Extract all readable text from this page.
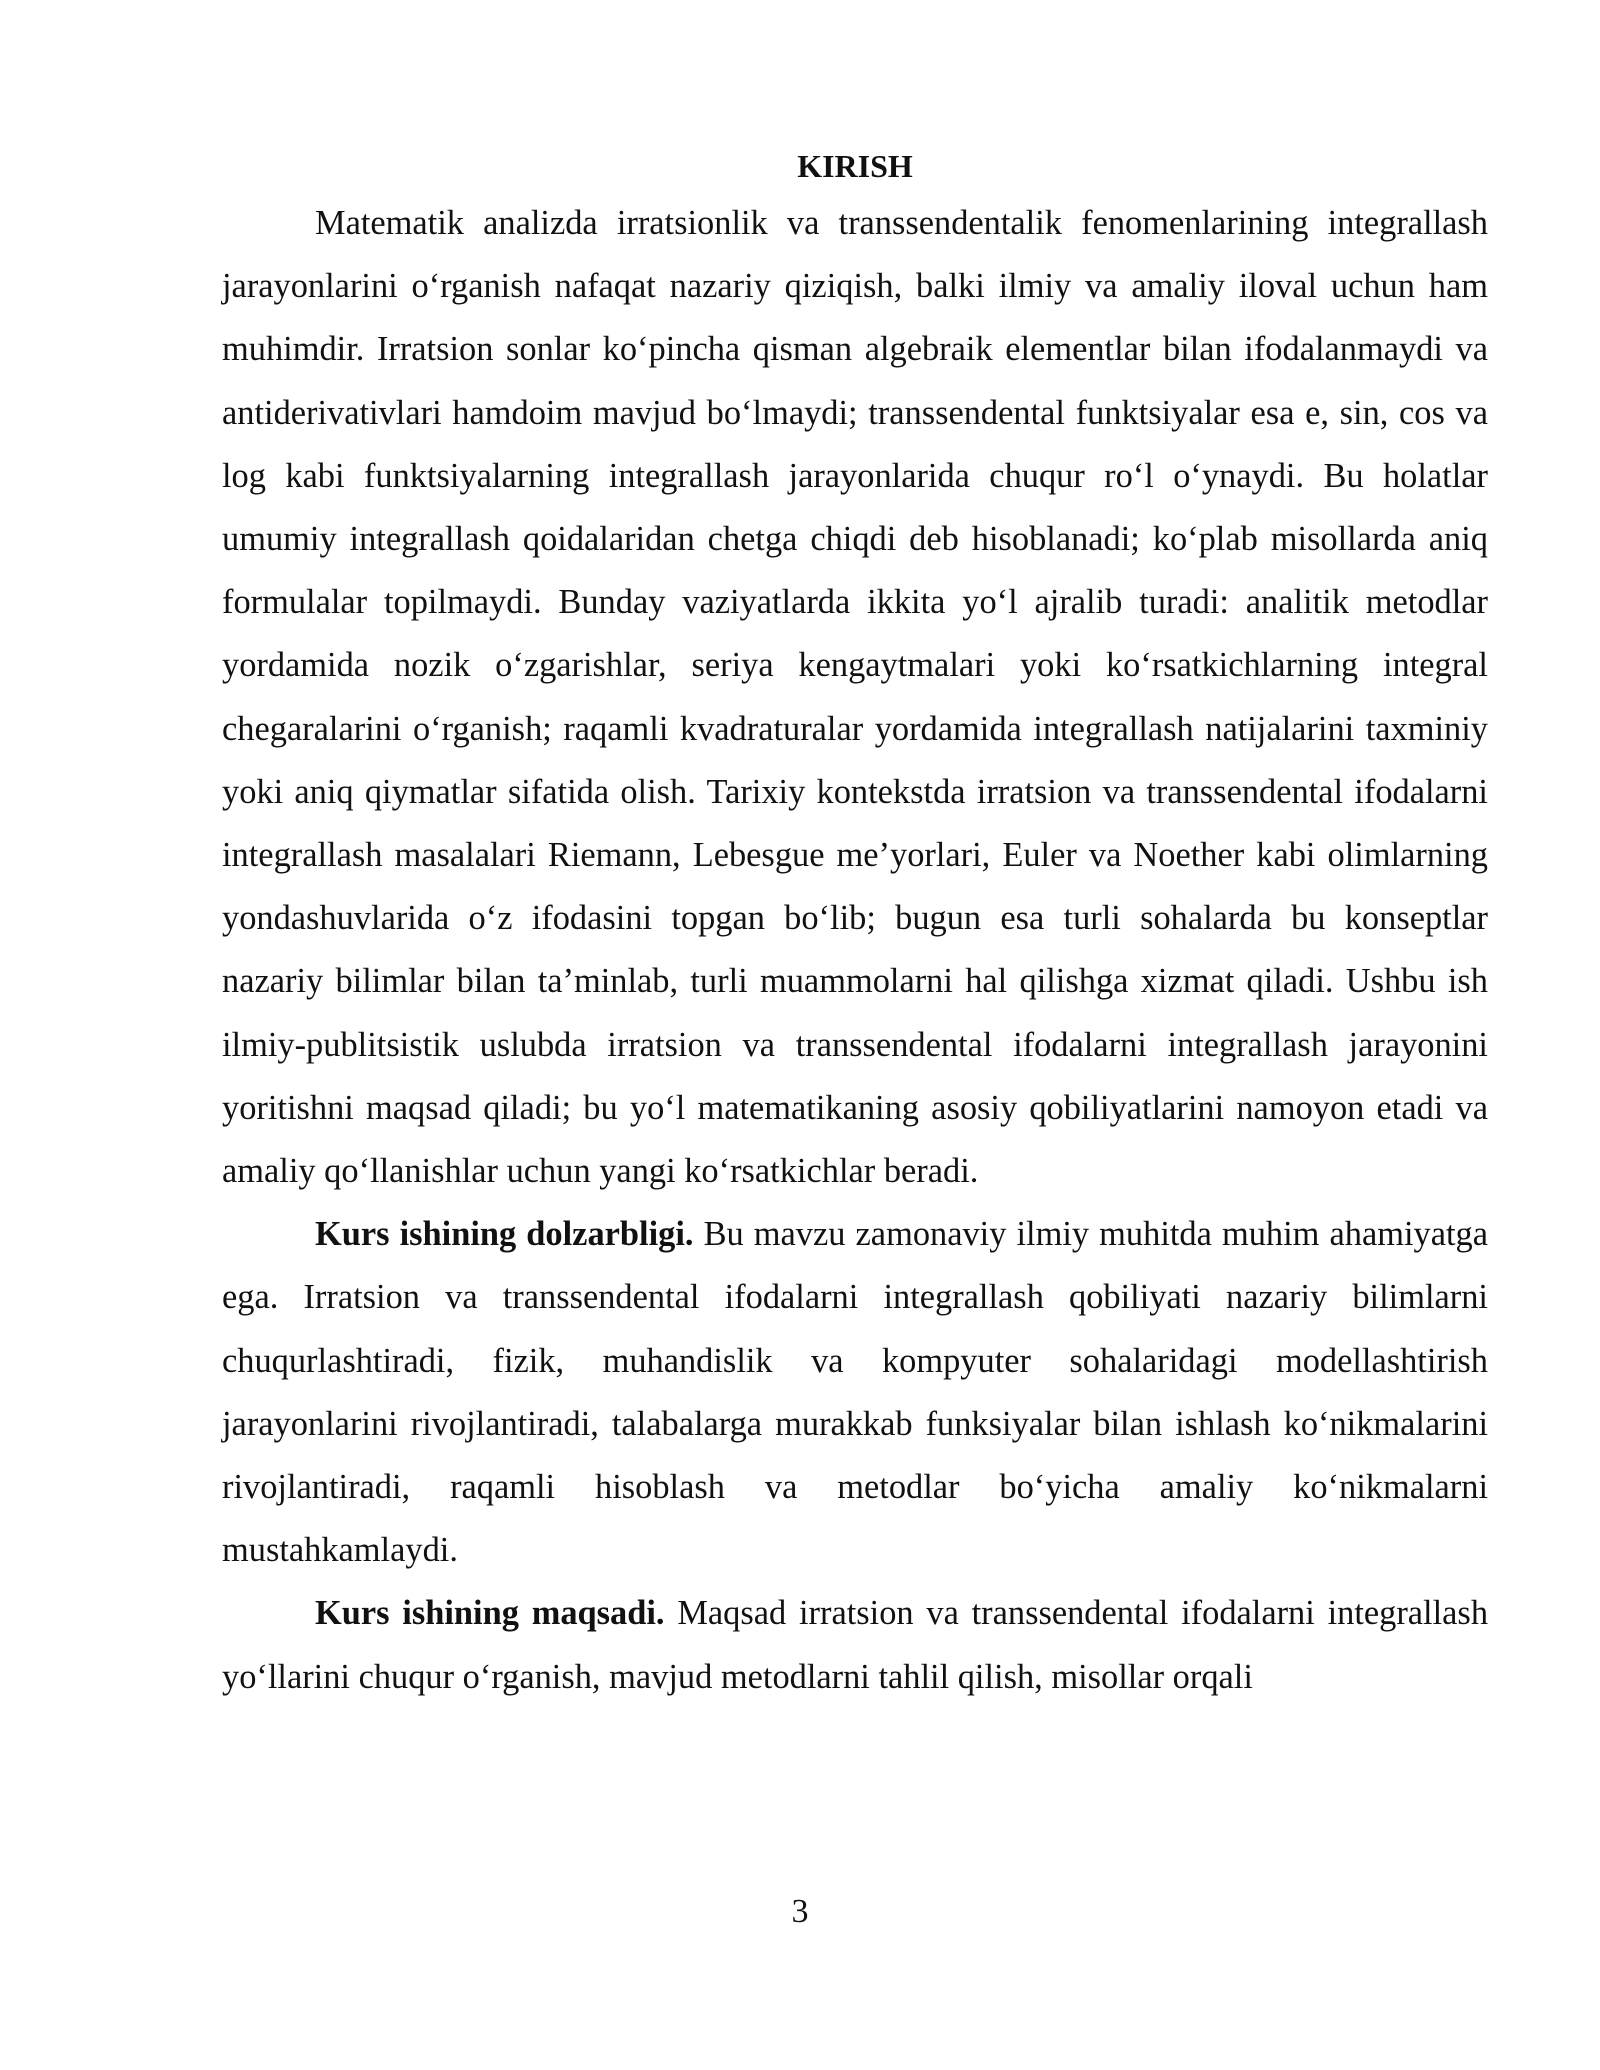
KIRISH

Matematik analizda irratsionlik va transsendentalik fenomenlarining integrallash jarayonlarini o‘rganish nafaqat nazariy qiziqish, balki ilmiy va amaliy iloval uchun ham muhimdir. Irratsion sonlar ko‘pincha qisman algebraik elementlar bilan ifodalanmaydi va antiderivativlari hamdoim mavjud bo‘lmaydi; transsendental funktsiyalar esa e, sin, cos va log kabi funktsiyalarning integrallash jarayonlarida chuqur ro‘l o‘ynaydi. Bu holatlar umumiy integrallash qoidalaridan chetga chiqdi deb hisoblanadi; ko‘plab misollarda aniq formulalar topilmaydi. Bunday vaziyatlarda ikkita yo‘l ajralib turadi: analitik metodlar yordamida nozik o‘zgarishlar, seriya kengaytmalari yoki ko‘rsatkichlarning integral chegaralarini o‘rganish; raqamli kvadraturalar yordamida integrallash natijalarini taxminiy yoki aniq qiymatlar sifatida olish. Tarixiy kontekstda irratsion va transsendental ifodalarni integrallash masalalari Riemann, Lebesgue me’yorlari, Euler va Noether kabi olimlarning yondashuvlarida o‘z ifodasini topgan bo‘lib; bugun esa turli sohalarda bu konseptlar nazariy bilimlar bilan ta’minlab, turli muammolarni hal qilishga xizmat qiladi. Ushbu ish ilmiy-publitsistik uslubda irratsion va transsendental ifodalarni integrallash jarayonini yoritishni maqsad qiladi; bu yo‘l matematikaning asosiy qobiliyatlarini namoyon etadi va amaliy qo‘llanishlar uchun yangi ko‘rsatkichlar beradi.

Kurs ishining dolzarbligi. Bu mavzu zamonaviy ilmiy muhitda muhim ahamiyatga ega. Irratsion va transsendental ifodalarni integrallash qobiliyati nazariy bilimlarni chuqurlashtiradi, fizik, muhandislik va kompyuter sohalaridagi modellashtirish jarayonlarini rivojlantiradi, talabalarga murakkab funksiyalar bilan ishlash ko‘nikmalarini rivojlantiradi, raqamli hisoblash va metodlar bo‘yicha amaliy ko‘nikmalarni mustahkamlaydi.

Kurs ishining maqsadi. Maqsad irratsion va transsendental ifodalarni integrallash yo‘llarini chuqur o‘rganish, mavjud metodlarni tahlil qilish, misollar orqali

3
